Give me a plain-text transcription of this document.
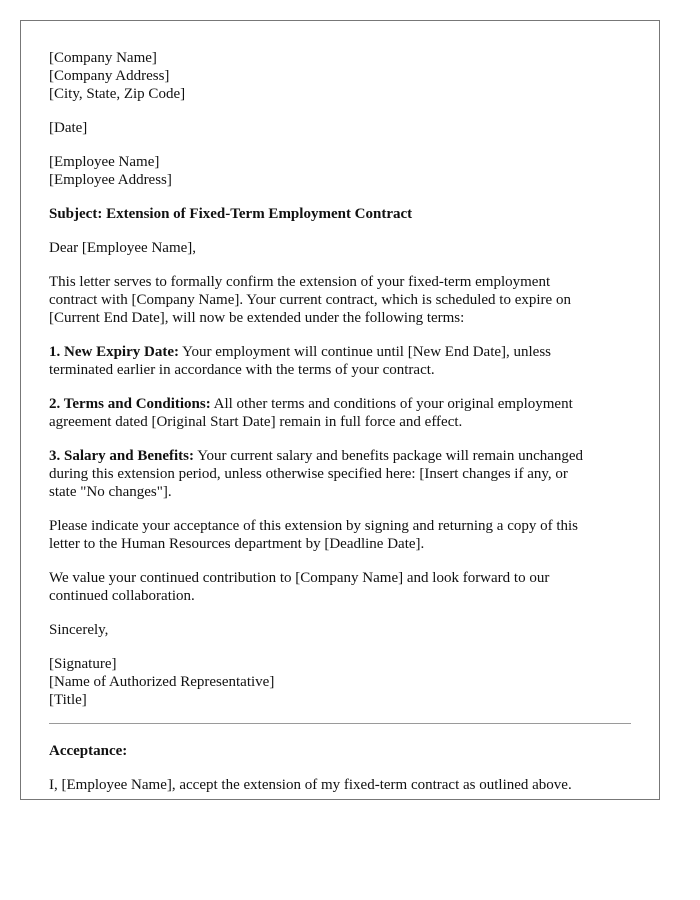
[Company Name]
[Company Address]
[City, State, Zip Code]
[Date]
[Employee Name]
[Employee Address]
Subject: Extension of Fixed-Term Employment Contract
Dear [Employee Name],
This letter serves to formally confirm the extension of your fixed-term employment
contract with [Company Name]. Your current contract, which is scheduled to expire on
[Current End Date], will now be extended under the following terms:
1. New Expiry Date: Your employment will continue until [New End Date], unless
terminated earlier in accordance with the terms of your contract.
2. Terms and Conditions: All other terms and conditions of your original employment
agreement dated [Original Start Date] remain in full force and effect.
3. Salary and Benefits: Your current salary and benefits package will remain unchanged
during this extension period, unless otherwise specified here: [Insert changes if any, or
state "No changes"].
Please indicate your acceptance of this extension by signing and returning a copy of this
letter to the Human Resources department by [Deadline Date].
We value your continued contribution to [Company Name] and look forward to our
continued collaboration.
Sincerely,
[Signature]
[Name of Authorized Representative]
[Title]
Acceptance:
I, [Employee Name], accept the extension of my fixed-term contract as outlined above.
